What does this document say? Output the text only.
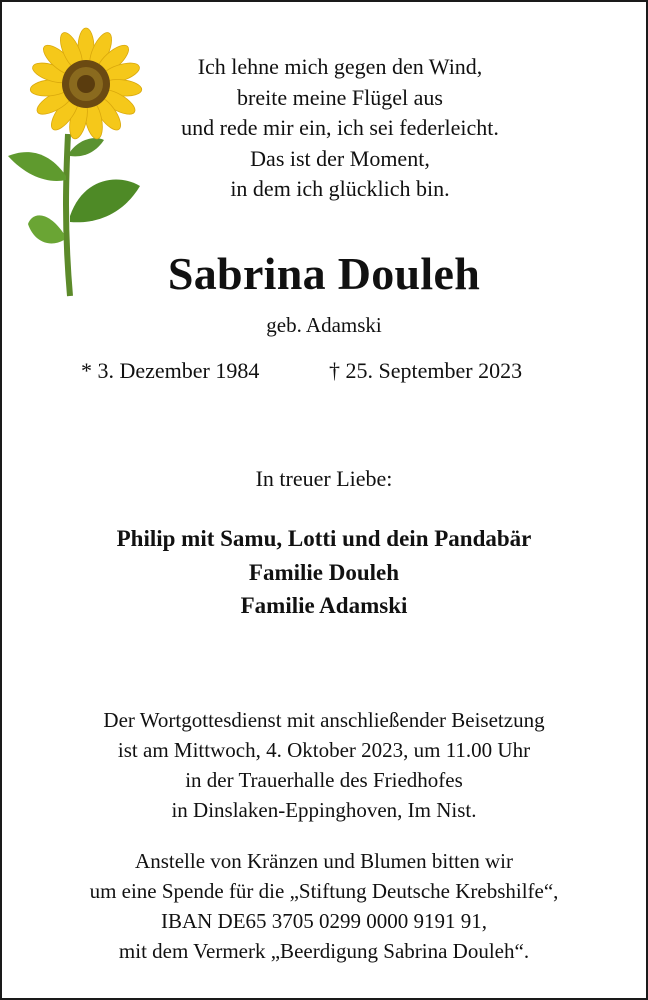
Ich lehne mich gegen den Wind,
breite meine Flügel aus
und rede mir ein, ich sei federleicht.
Das ist der Moment,
in dem ich glücklich bin.
Sabrina Douleh
geb. Adamski
* 3. Dezember 1984	† 25. September 2023
In treuer Liebe:
Philip mit Samu, Lotti und dein Pandabär
Familie Douleh
Familie Adamski
Der Wortgottesdienst mit anschließender Beisetzung
ist am Mittwoch, 4. Oktober 2023, um 11.00 Uhr
in der Trauerhalle des Friedhofes
in Dinslaken-Eppinghoven, Im Nist.
Anstelle von Kränzen und Blumen bitten wir
um eine Spende für die „Stiftung Deutsche Krebshilfe“,
IBAN DE65 3705 0299 0000 9191 91,
mit dem Vermerk „Beerdigung Sabrina Douleh“.
